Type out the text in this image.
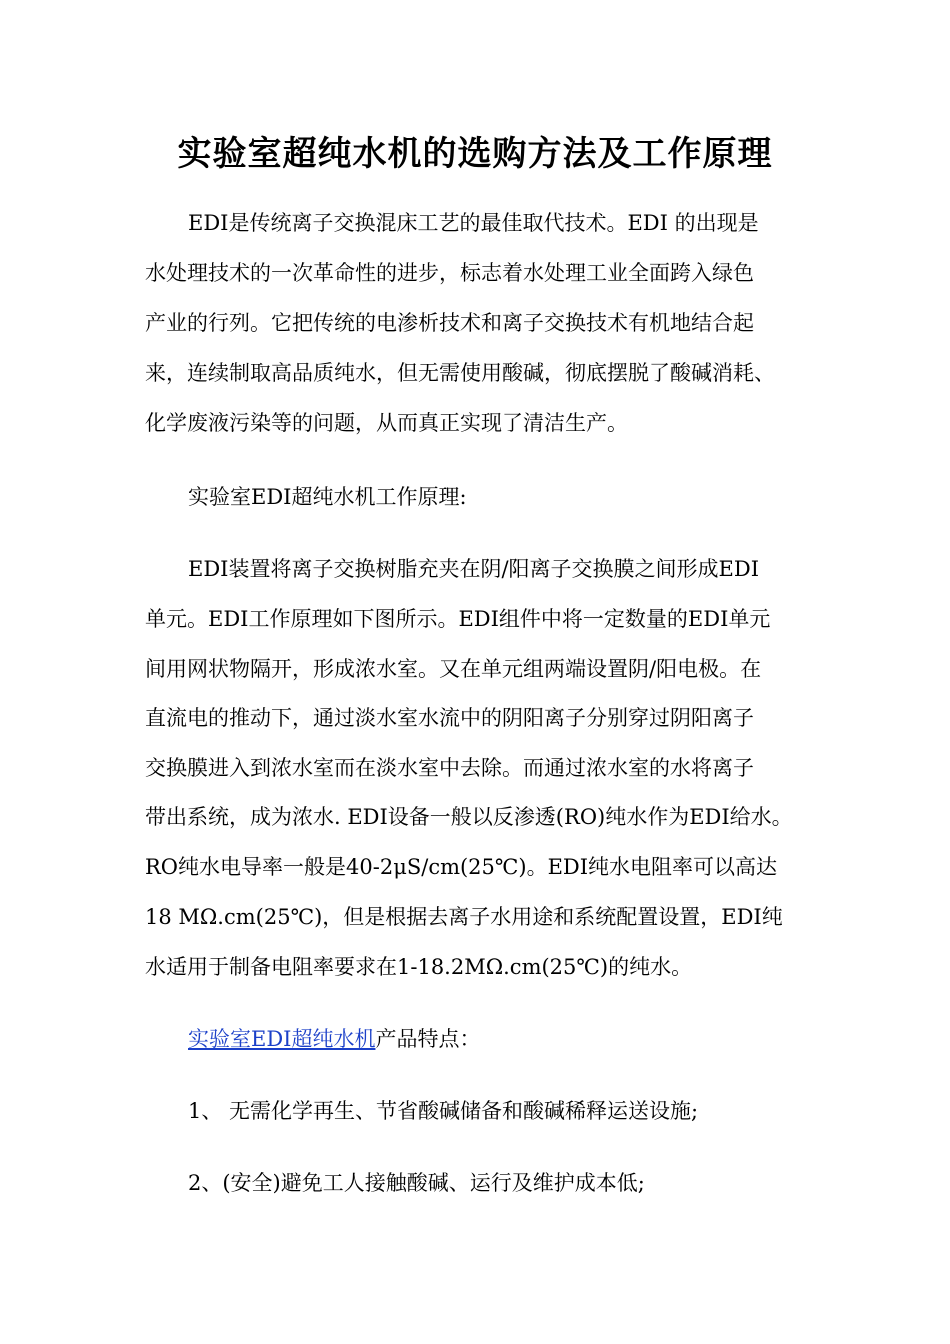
实验室超纯水机的选购方法及工作原理
EDI是传统离子交换混床工艺的最佳取代技术。EDI 的出现是
水处理技术的一次革命性的进步，标志着水处理工业全面跨入绿色
产业的行列。它把传统的电渗析技术和离子交换技术有机地结合起
来，连续制取高品质纯水，但无需使用酸碱，彻底摆脱了酸碱消耗、
化学废液污染等的问题，从而真正实现了清洁生产。
实验室EDI超纯水机工作原理:
EDI装置将离子交换树脂充夹在阴/阳离子交换膜之间形成EDI
单元。EDI工作原理如下图所示。EDI组件中将一定数量的EDI单元
间用网状物隔开，形成浓水室。又在单元组两端设置阴/阳电极。在
直流电的推动下，通过淡水室水流中的阴阳离子分别穿过阴阳离子
交换膜进入到浓水室而在淡水室中去除。而通过浓水室的水将离子
带出系统，成为浓水. EDI设备一般以反渗透(RO)纯水作为EDI给水。
RO纯水电导率一般是40-2μS/cm(25℃)。EDI纯水电阻率可以高达
18 MΩ.cm(25℃)，但是根据去离子水用途和系统配置设置，EDI纯
水适用于制备电阻率要求在1-18.2MΩ.cm(25℃)的纯水。
实验室EDI超纯水机产品特点：
1、 无需化学再生、节省酸碱储备和酸碱稀释运送设施;
2、(安全)避免工人接触酸碱、运行及维护成本低;
